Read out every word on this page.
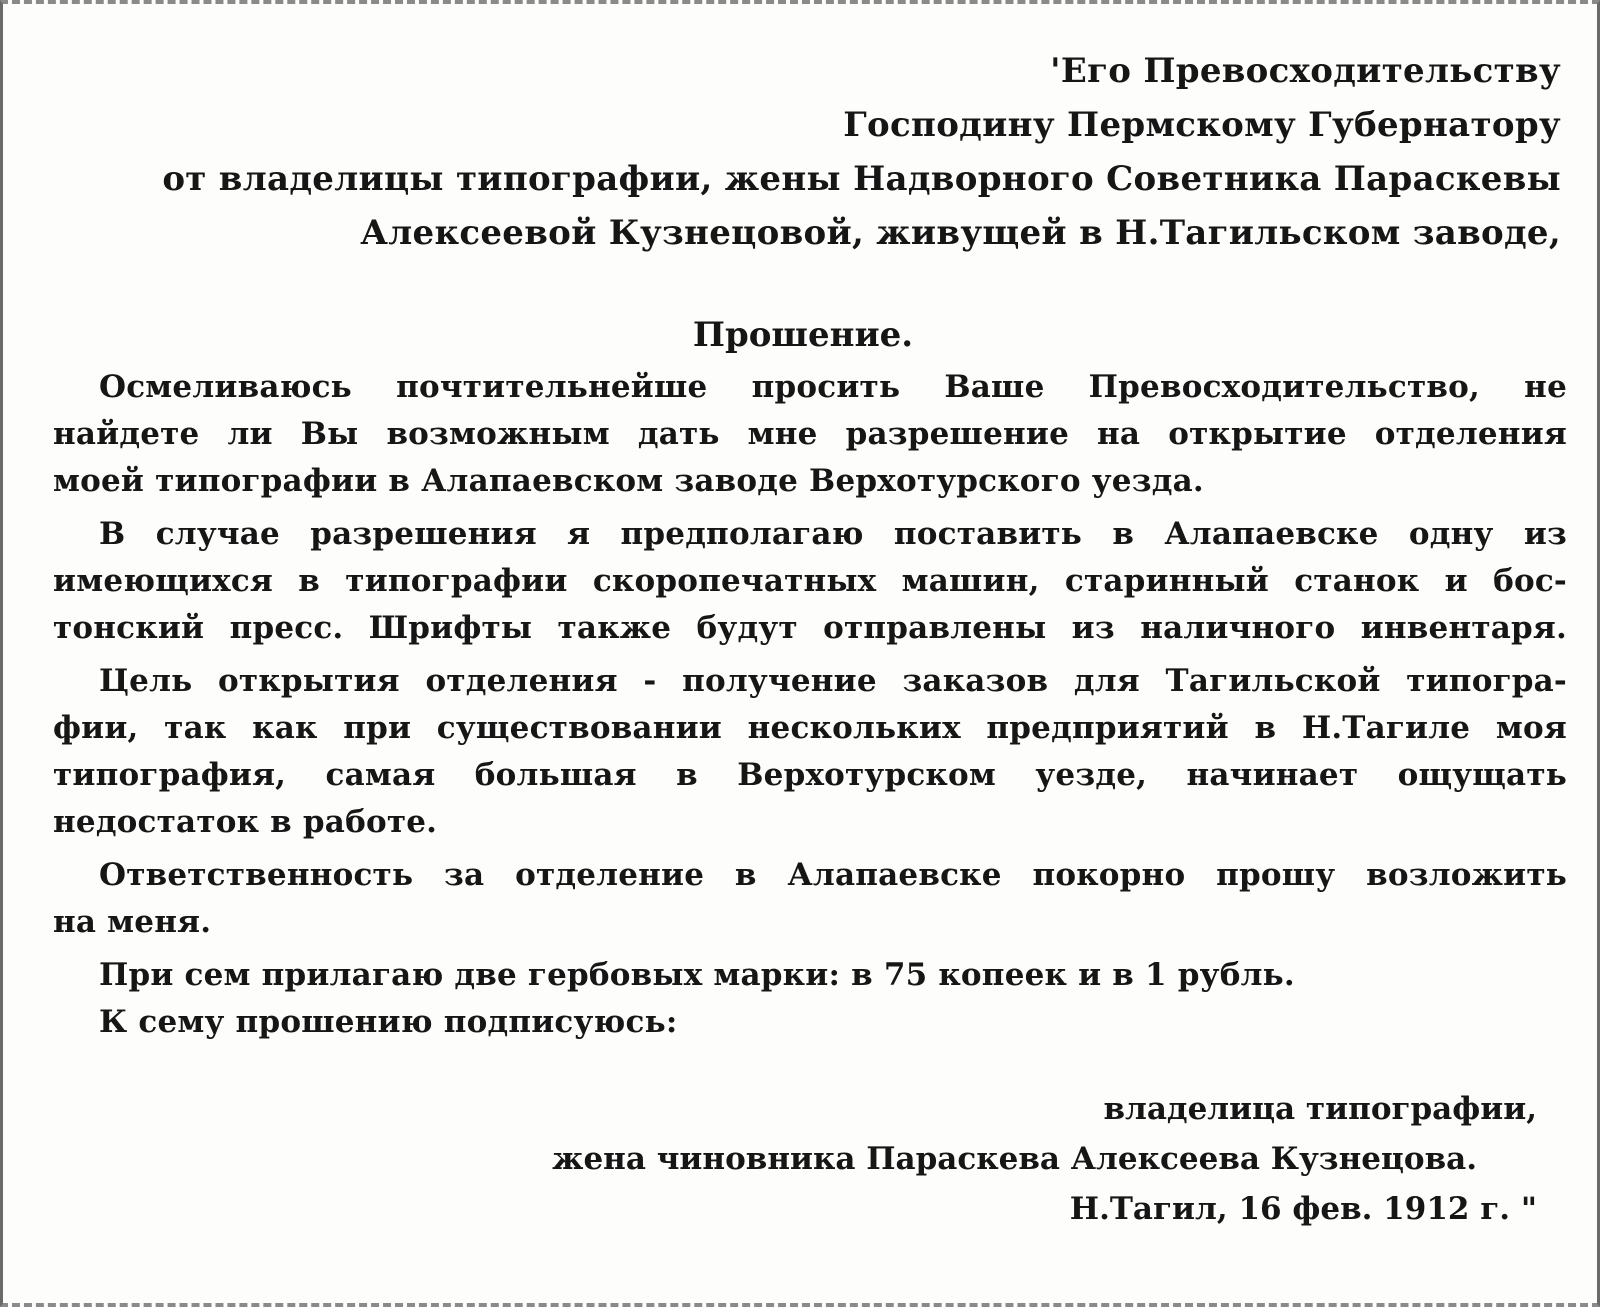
'Его Превосходительству
Господину Пермскому Губернатору
от владелицы типографии, жены Надворного Советника Параскевы
Алексеевой Кузнецовой, живущей в Н.Тагильском заводе,
Прошение.
Осмеливаюсь почтительнейше просить Ваше Превосходительство, не
найдете ли Вы возможным дать мне разрешение на открытие отделения
моей типографии в Алапаевском заводе Верхотурского уезда.
В случае разрешения я предполагаю поставить в Алапаевске одну из
имеющихся в типографии скоропечатных машин, старинный станок и бос-
тонский пресс. Шрифты также будут отправлены из наличного инвентаря.
Цель открытия отделения - получение заказов для Тагильской типогра-
фии, так как при существовании нескольких предприятий в Н.Тагиле моя
типография, самая большая в Верхотурском уезде, начинает ощущать
недостаток в работе.
Ответственность за отделение в Алапаевске покорно прошу возложить
на меня.
При сем прилагаю две гербовых марки: в 75 копеек и в 1 рубль.
К сему прошению подписуюсь:
владелица типографии,
жена чиновника Параскева Алексеева Кузнецова.
Н.Тагил, 16 фев. 1912 г. "
